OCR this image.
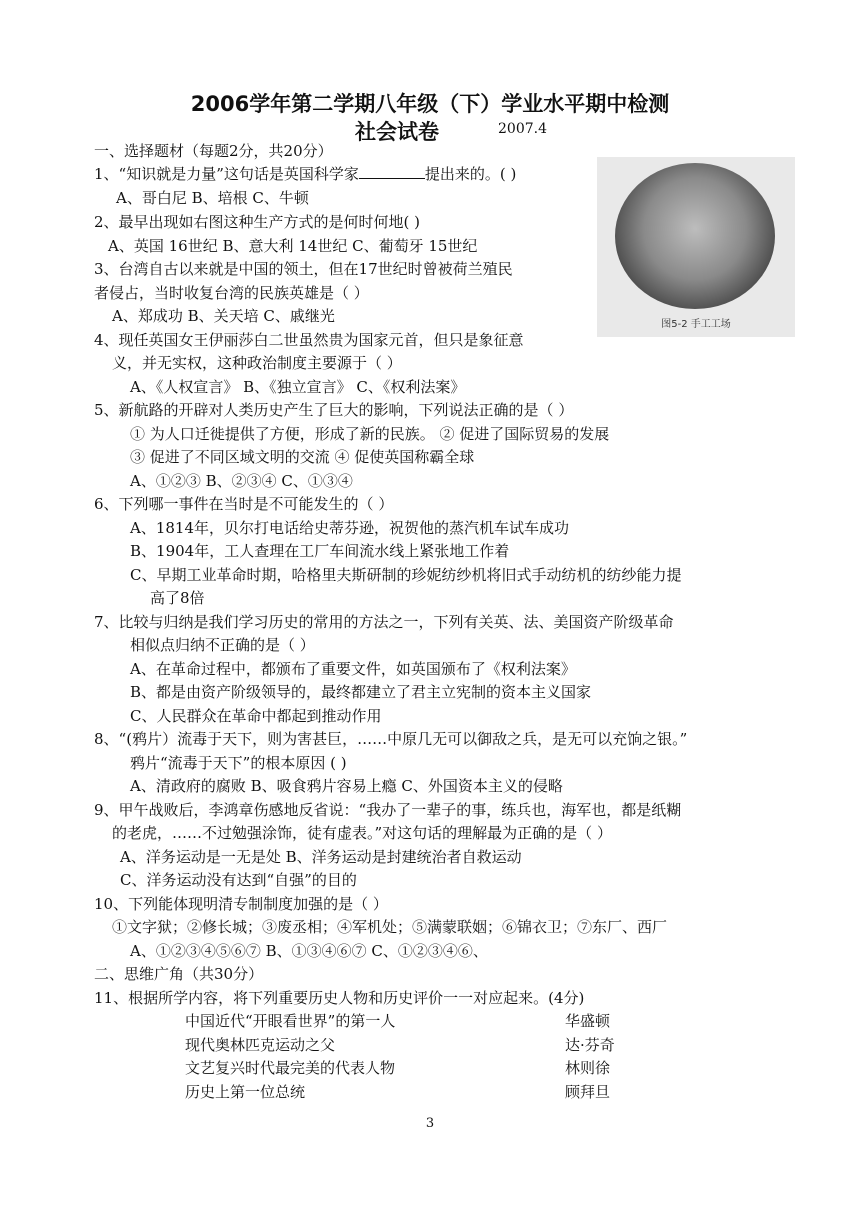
2006学年第二学期八年级（下）学业水平期中检测
社会试卷	2007.4
图5-2 手工工场
一、选择题材（每题2分，共20分）
1、“知识就是力量”这句话是英国科学家	提出来的。( )
A、哥白尼 B、培根 C、牛顿
2、最早出现如右图这种生产方式的是何时何地( )
A、英国 16世纪 B、意大利 14世纪 C、葡萄牙 15世纪
3、台湾自古以来就是中国的领土，但在17世纪时曾被荷兰殖民
者侵占，当时收复台湾的民族英雄是（ ）
A、郑成功 B、关天培 C、戚继光
4、现任英国女王伊丽莎白二世虽然贵为国家元首，但只是象征意
义，并无实权，这种政治制度主要源于（ ）
A、《人权宣言》 B、《独立宣言》 C、《权利法案》
5、新航路的开辟对人类历史产生了巨大的影响，下列说法正确的是（ ）
① 为人口迁徙提供了方便，形成了新的民族。 ② 促进了国际贸易的发展
③ 促进了不同区域文明的交流 ④ 促使英国称霸全球
A、①②③ B、②③④ C、①③④
6、下列哪一事件在当时是不可能发生的（ ）
A、1814年，贝尔打电话给史蒂芬逊，祝贺他的蒸汽机车试车成功
B、1904年，工人查理在工厂车间流水线上紧张地工作着
C、早期工业革命时期，哈格里夫斯研制的珍妮纺纱机将旧式手动纺机的纺纱能力提
高了8倍
7、比较与归纳是我们学习历史的常用的方法之一，下列有关英、法、美国资产阶级革命
相似点归纳不正确的是（ ）
A、在革命过程中，都颁布了重要文件，如英国颁布了《权利法案》
B、都是由资产阶级领导的，最终都建立了君主立宪制的资本主义国家
C、人民群众在革命中都起到推动作用
8、“(鸦片）流毒于天下，则为害甚巨，……中原几无可以御敌之兵，是无可以充饷之银。”
鸦片“流毒于天下”的根本原因 ( )
A、清政府的腐败 B、吸食鸦片容易上瘾 C、外国资本主义的侵略
9、甲午战败后，李鸿章伤感地反省说：“我办了一辈子的事，练兵也，海军也，都是纸糊
的老虎，……不过勉强涂饰，徒有虚表。”对这句话的理解最为正确的是（ ）
A、洋务运动是一无是处 B、洋务运动是封建统治者自救运动
C、洋务运动没有达到“自强”的目的
10、下列能体现明清专制制度加强的是（ ）
①文字狱；②修长城；③废丞相；④军机处；⑤满蒙联姻；⑥锦衣卫；⑦东厂、西厂
A、①②③④⑤⑥⑦ B、①③④⑥⑦ C、①②③④⑥、
二、思维广角（共30分）
11、根据所学内容，将下列重要历史人物和历史评价一一对应起来。(4分)
中国近代“开眼看世界”的第一人	华盛顿
现代奥林匹克运动之父	达·芬奇
文艺复兴时代最完美的代表人物	林则徐
历史上第一位总统	顾拜旦
3
